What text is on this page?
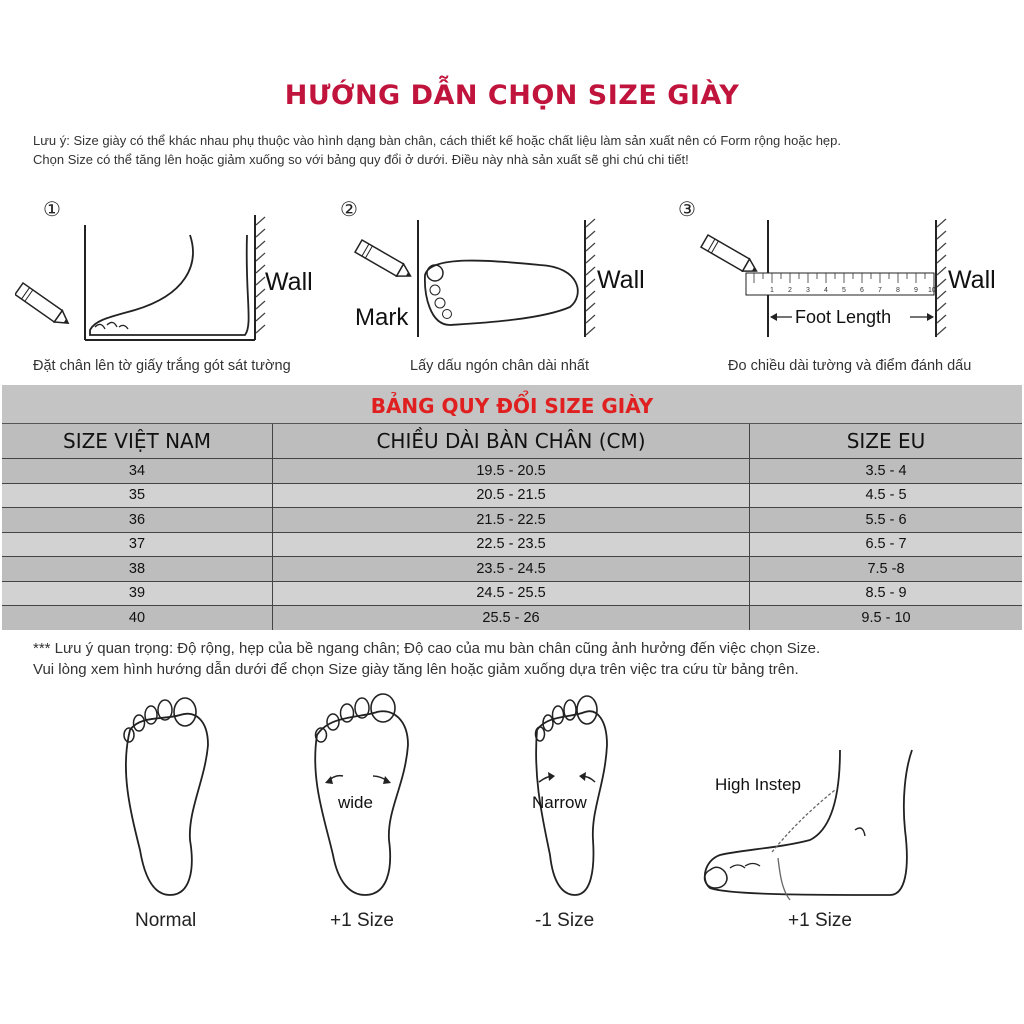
HƯỚNG DẪN CHỌN SIZE GIÀY
Lưu ý: Size giày có thể khác nhau phụ thuộc vào hình dạng bàn chân, cách thiết kế hoặc chất liệu làm sản xuất nên có Form rộng hoặc hẹp.
Chọn Size có thể tăng lên hoặc giảm xuống so với bảng quy đổi ở dưới. Điều này nhà sản xuất sẽ ghi chú chi tiết!
①
Wall
Đặt chân lên tờ giấy trắng gót sát tường
②
Mark
Wall
Lấy dấu ngón chân dài nhất
③
1 2 3 4 5 6 7 8 9 10
Foot Length
Wall
Đo chiều dài tường và điểm đánh dấu
BẢNG QUY ĐỔI SIZE GIÀY
SIZE VIỆT NAM	CHIỀU DÀI BÀN CHÂN (CM)	SIZE EU
34	19.5 - 20.5	3.5 - 4
35	20.5 - 21.5	4.5 - 5
36	21.5 - 22.5	5.5 - 6
37	22.5 - 23.5	6.5 - 7
38	23.5 - 24.5	7.5 -8
39	24.5 - 25.5	8.5 - 9
40	25.5 - 26	9.5 - 10
*** Lưu ý quan trọng: Độ rộng, hẹp của bề ngang chân; Độ cao của mu bàn chân cũng ảnh hưởng đến việc chọn Size.
Vui lòng xem hình hướng dẫn dưới để chọn Size giày tăng lên hoặc giảm xuống dựa trên việc tra cứu từ bảng trên.
Normal
wide
+1 Size
Narrow
-1 Size
High Instep
+1 Size
